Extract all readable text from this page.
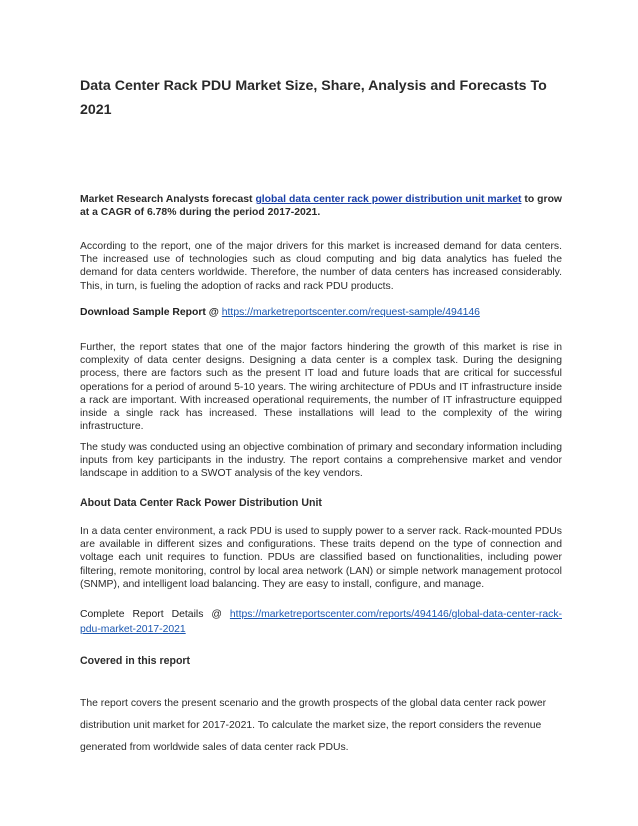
Data Center Rack PDU Market Size, Share, Analysis and Forecasts To 2021

Market Research Analysts forecast global data center rack power distribution unit market to grow at a CAGR of 6.78% during the period 2017-2021.

According to the report, one of the major drivers for this market is increased demand for data centers. The increased use of technologies such as cloud computing and big data analytics has fueled the demand for data centers worldwide. Therefore, the number of data centers has increased considerably. This, in turn, is fueling the adoption of racks and rack PDU products.

Download Sample Report @ https://marketreportscenter.com/request-sample/494146

Further, the report states that one of the major factors hindering the growth of this market is rise in complexity of data center designs. Designing a data center is a complex task. During the designing process, there are factors such as the present IT load and future loads that are critical for successful operations for a period of around 5-10 years. The wiring architecture of PDUs and IT infrastructure inside a rack are important. With increased operational requirements, the number of IT infrastructure equipped inside a single rack has increased. These installations will lead to the complexity of the wiring infrastructure.

The study was conducted using an objective combination of primary and secondary information including inputs from key participants in the industry. The report contains a comprehensive market and vendor landscape in addition to a SWOT analysis of the key vendors.

About Data Center Rack Power Distribution Unit

In a data center environment, a rack PDU is used to supply power to a server rack. Rack-mounted PDUs are available in different sizes and configurations. These traits depend on the type of connection and voltage each unit requires to function. PDUs are classified based on functionalities, including power filtering, remote monitoring, control by local area network (LAN) or simple network management protocol (SNMP), and intelligent load balancing. They are easy to install, configure, and manage.

Complete Report Details @ https://marketreportscenter.com/reports/494146/global-data-center-rack-pdu-market-2017-2021

Covered in this report

The report covers the present scenario and the growth prospects of the global data center rack power distribution unit market for 2017-2021. To calculate the market size, the report considers the revenue generated from worldwide sales of data center rack PDUs.
